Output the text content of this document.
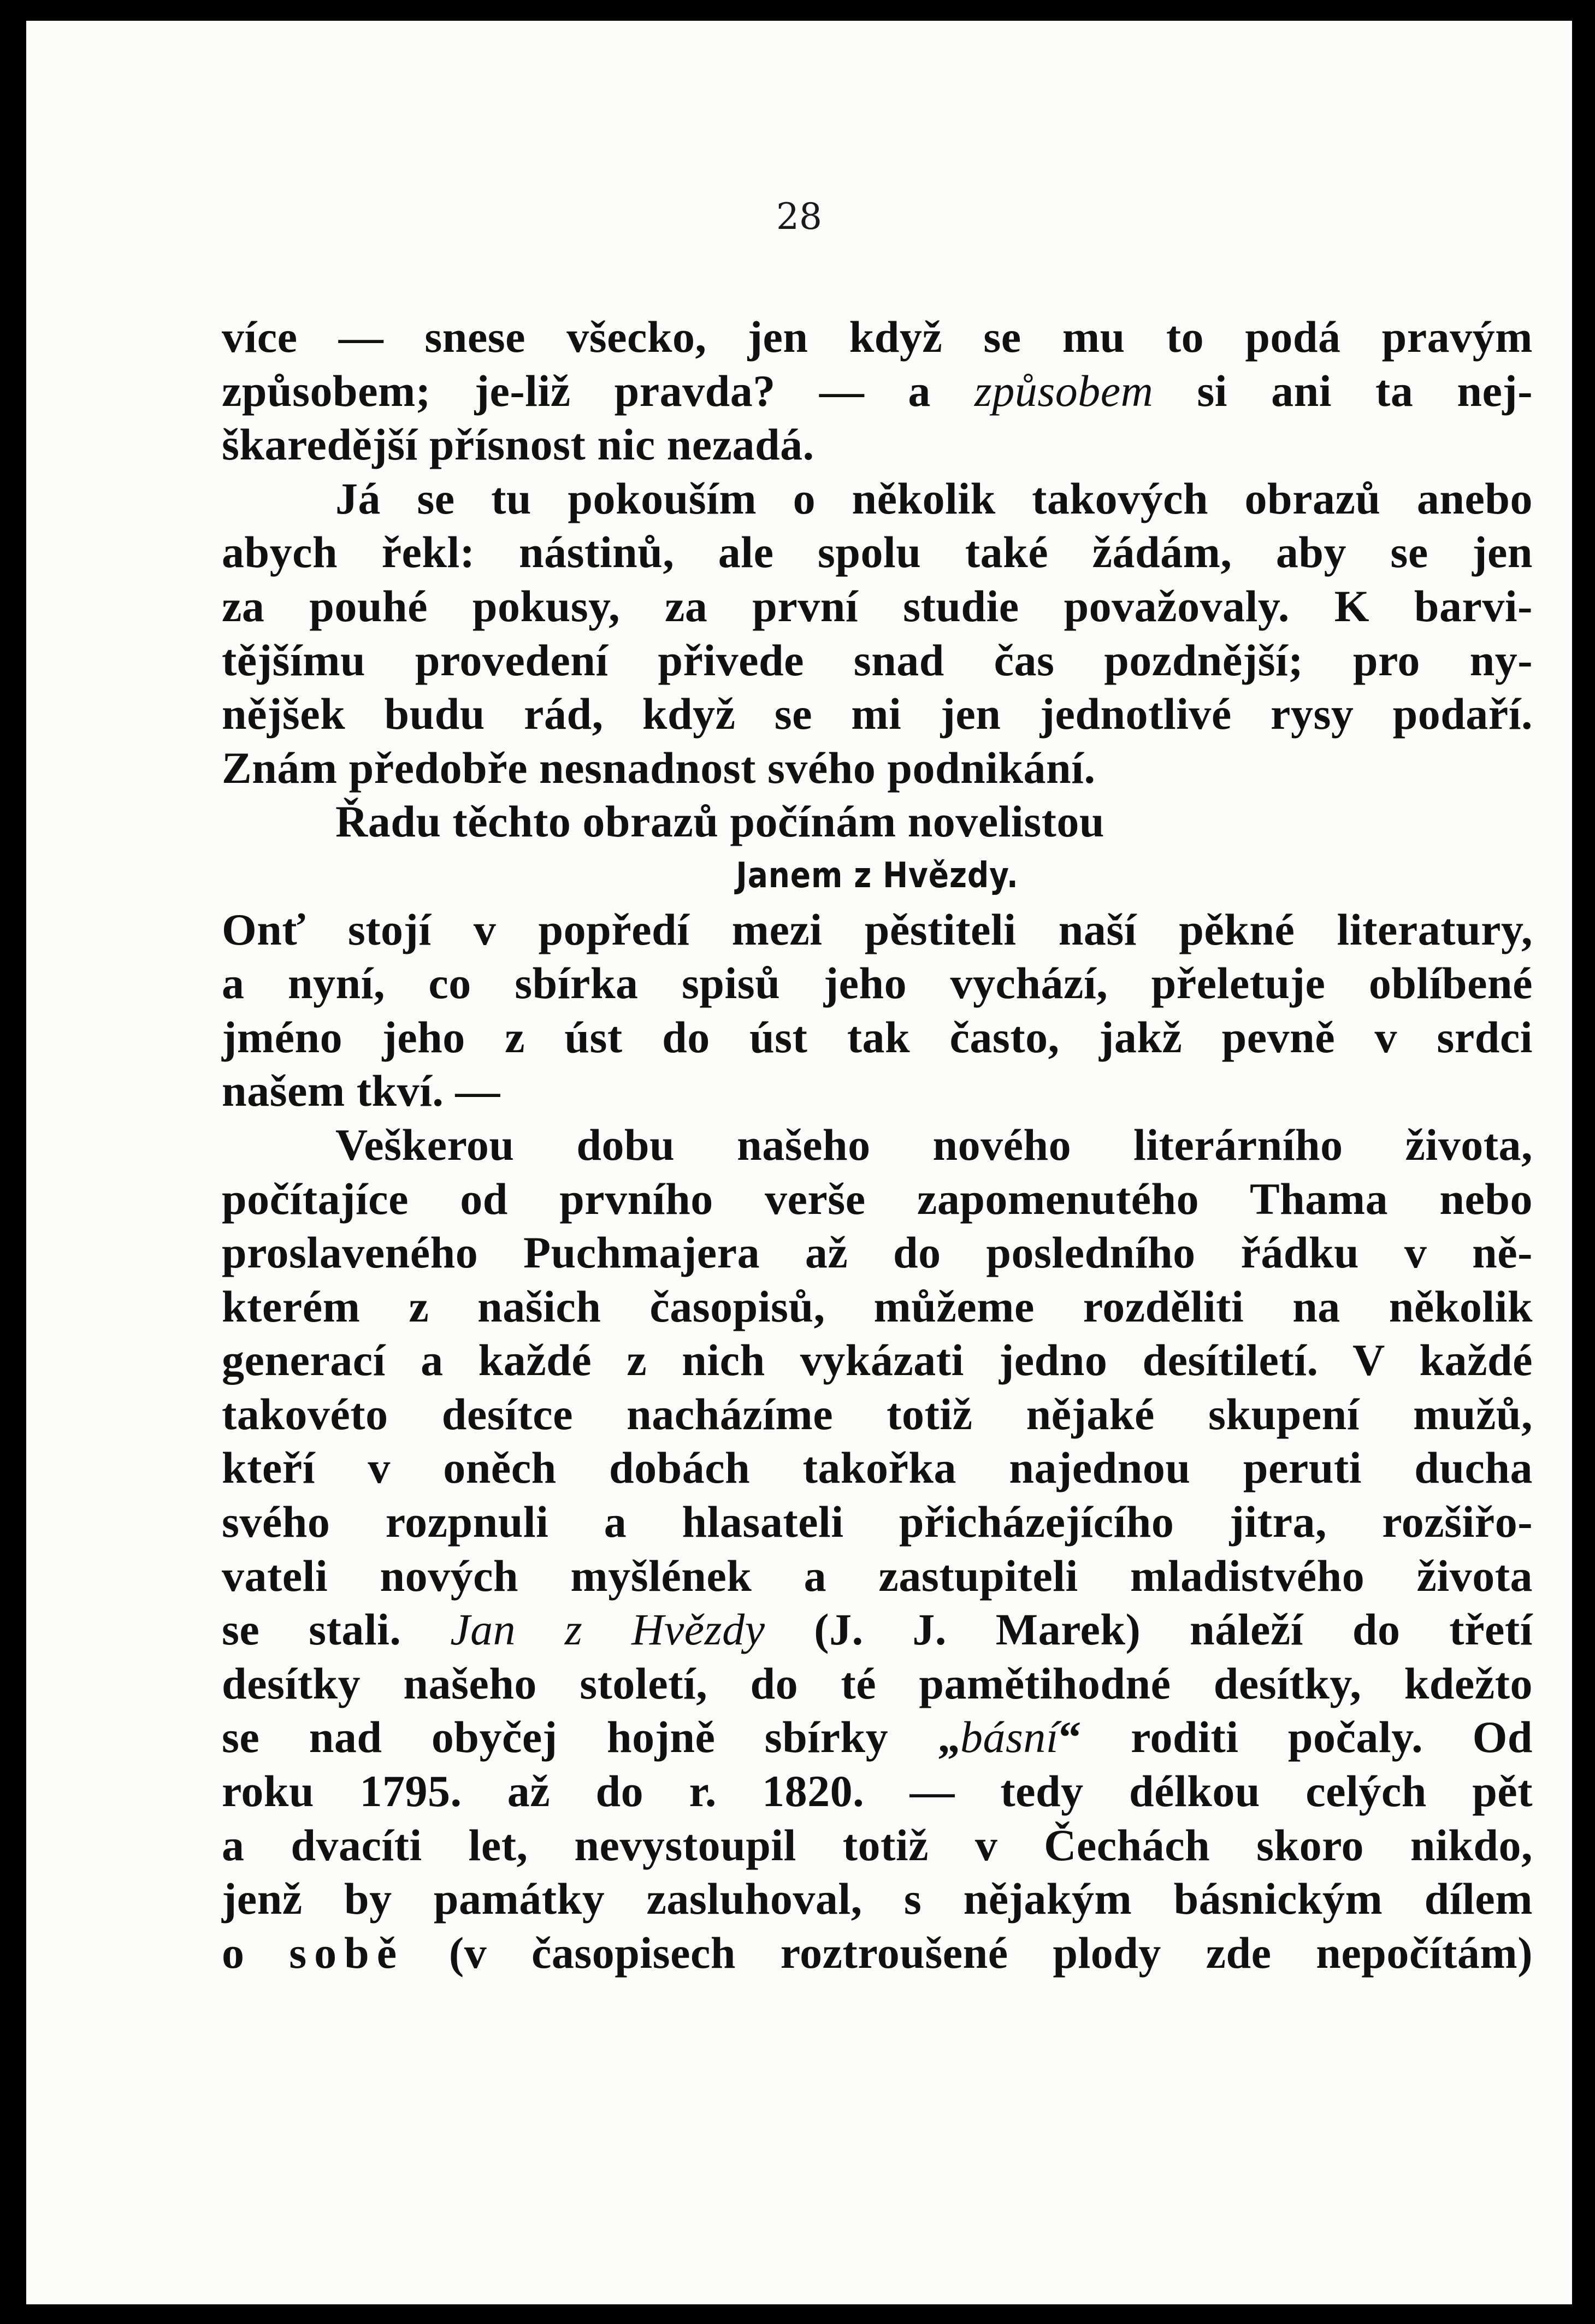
28
více — snese všecko, jen když se mu to podá pravým
způsobem; je-liž pravda? — a způsobem si ani ta nej-
škaredější přísnost nic nezadá.
Já se tu pokouším o několik takových obrazů anebo
abych řekl: nástinů, ale spolu také žádám, aby se jen
za pouhé pokusy, za první studie považovaly. K barvi-
tějšímu provedení přivede snad čas pozdnější; pro ny-
nějšek budu rád, když se mi jen jednotlivé rysy podaří.
Znám předobře nesnadnost svého podnikání.
Řadu těchto obrazů počínám novelistou
Janem z Hvězdy.
Onť stojí v popředí mezi pěstiteli naší pěkné literatury,
a nyní, co sbírka spisů jeho vychází, přeletuje oblíbené
jméno jeho z úst do úst tak často, jakž pevně v srdci
našem tkví. —
Veškerou dobu našeho nového literárního života,
počítajíce od prvního verše zapomenutého Thama nebo
proslaveného Puchmajera až do posledního řádku v ně-
kterém z našich časopisů, můžeme rozděliti na několik
generací a každé z nich vykázati jedno desítiletí. V každé
takovéto desítce nacházíme totiž nějaké skupení mužů,
kteří v oněch dobách takořka najednou peruti ducha
svého rozpnuli a hlasateli přicházejícího jitra, rozšiřo-
vateli nových myšlének a zastupiteli mladistvého života
se stali. Jan z Hvězdy (J. J. Marek) náleží do třetí
desítky našeho století, do té pamětihodné desítky, kdežto
se nad obyčej hojně sbírky „básní“ roditi počaly. Od
roku 1795. až do r. 1820. — tedy délkou celých pět
a dvacíti let, nevystoupil totiž v Čechách skoro nikdo,
jenž by památky zasluhoval, s nějakým básnickým dílem
o sobě (v časopisech roztroušené plody zde nepočítám)
